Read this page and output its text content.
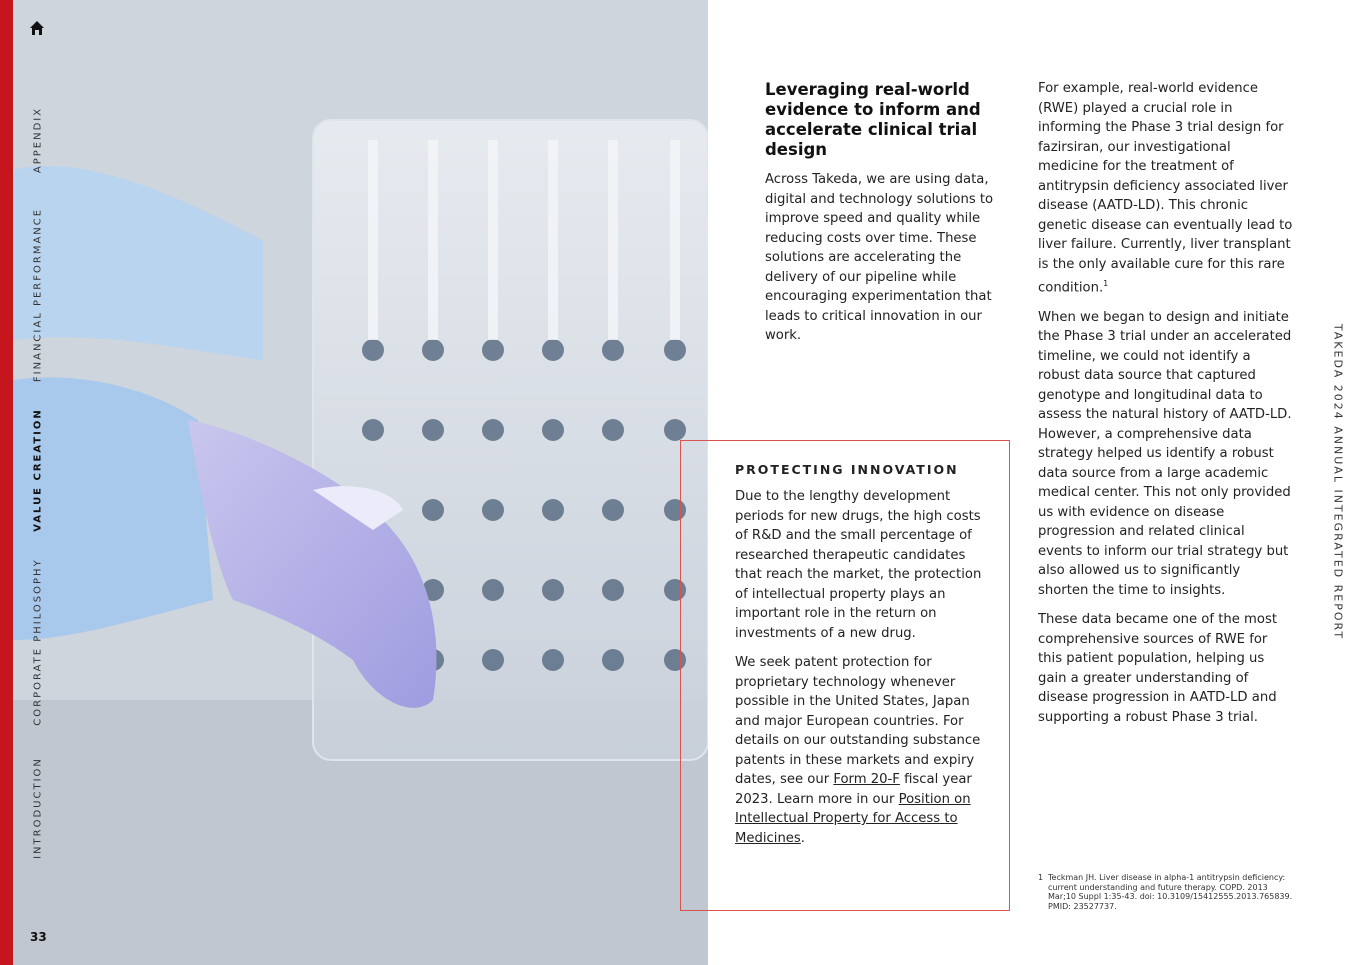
APPENDIX
FINANCIAL PERFORMANCE
VALUE CREATION
CORPORATE PHILOSOPHY
INTRODUCTION
33
Leveraging real-world evidence to inform and accelerate clinical trial design

Across Takeda, we are using data, digital and technology solutions to improve speed and quality while reducing costs over time. These solutions are accelerating the delivery of our pipeline while encouraging experimentation that leads to critical innovation in our work.

For example, real-world evidence (RWE) played a crucial role in informing the Phase 3 trial design for fazirsiran, our investigational medicine for the treatment of antitrypsin deficiency associated liver disease (AATD-LD). This chronic genetic disease can eventually lead to liver failure. Currently, liver transplant is the only available cure for this rare condition.$^1$

When we began to design and initiate the Phase 3 trial under an accelerated timeline, we could not identify a robust data source that captured genotype and longitudinal data to assess the natural history of AATD-LD. However, a comprehensive data strategy helped us identify a robust data source from a large academic medical center. This not only provided us with evidence on disease progression and related clinical events to inform our trial strategy but also allowed us to significantly shorten the time to insights.

These data became one of the most comprehensive sources of RWE for this patient population, helping us gain a greater understanding of disease progression in AATD-LD and supporting a robust Phase 3 trial.

PROTECTING INNOVATION

Due to the lengthy development periods for new drugs, the high costs of R&D and the small percentage of researched therapeutic candidates that reach the market, the protection of intellectual property plays an important role in the return on investments of a new drug.

We seek patent protection for proprietary technology whenever possible in the United States, Japan and major European countries. For details on our outstanding substance patents in these markets and expiry dates, see our Form 20-F fiscal year 2023. Learn more in our Position on Intellectual Property for Access to Medicines.

1 Teckman JH. Liver disease in alpha-1 antitrypsin deficiency: current understanding and future therapy. COPD. 2013 Mar;10 Suppl 1:35-43. doi: 10.3109/15412555.2013.765839. PMID: 23527737.
TAKEDA 2024 ANNUAL INTEGRATED REPORT
